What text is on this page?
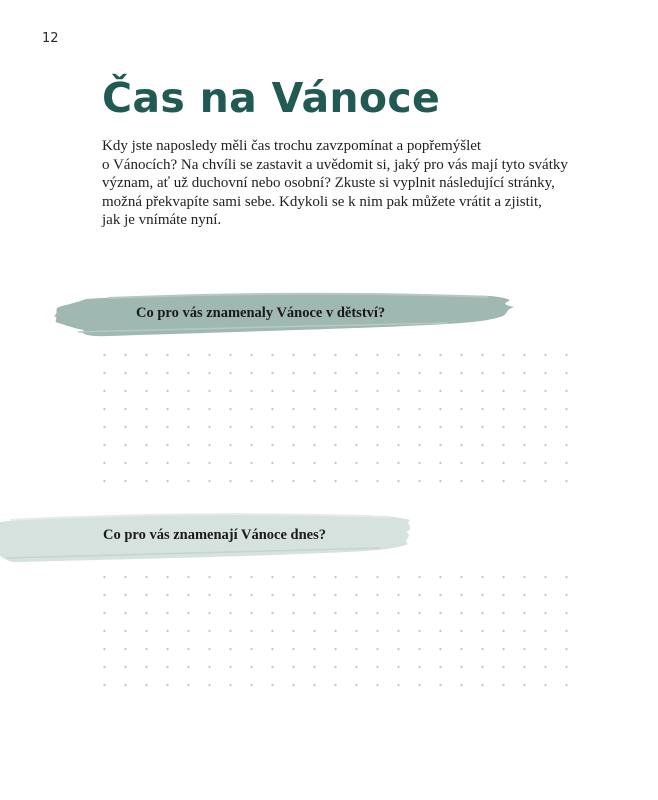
12
Čas na Vánoce

Kdy jste naposledy měli čas trochu zavzpomínat a popřemýšlet
o Vánocích? Na chvíli se zastavit a uvědomit si, jaký pro vás mají tyto svátky
význam, ať už duchovní nebo osobní? Zkuste si vyplnit následující stránky,
možná překvapíte sami sebe. Kdykoli se k nim pak můžete vrátit a zjistit,
jak je vnímáte nyní.

Co pro vás znamenaly Vánoce v dětství?
Co pro vás znamenají Vánoce dnes?
